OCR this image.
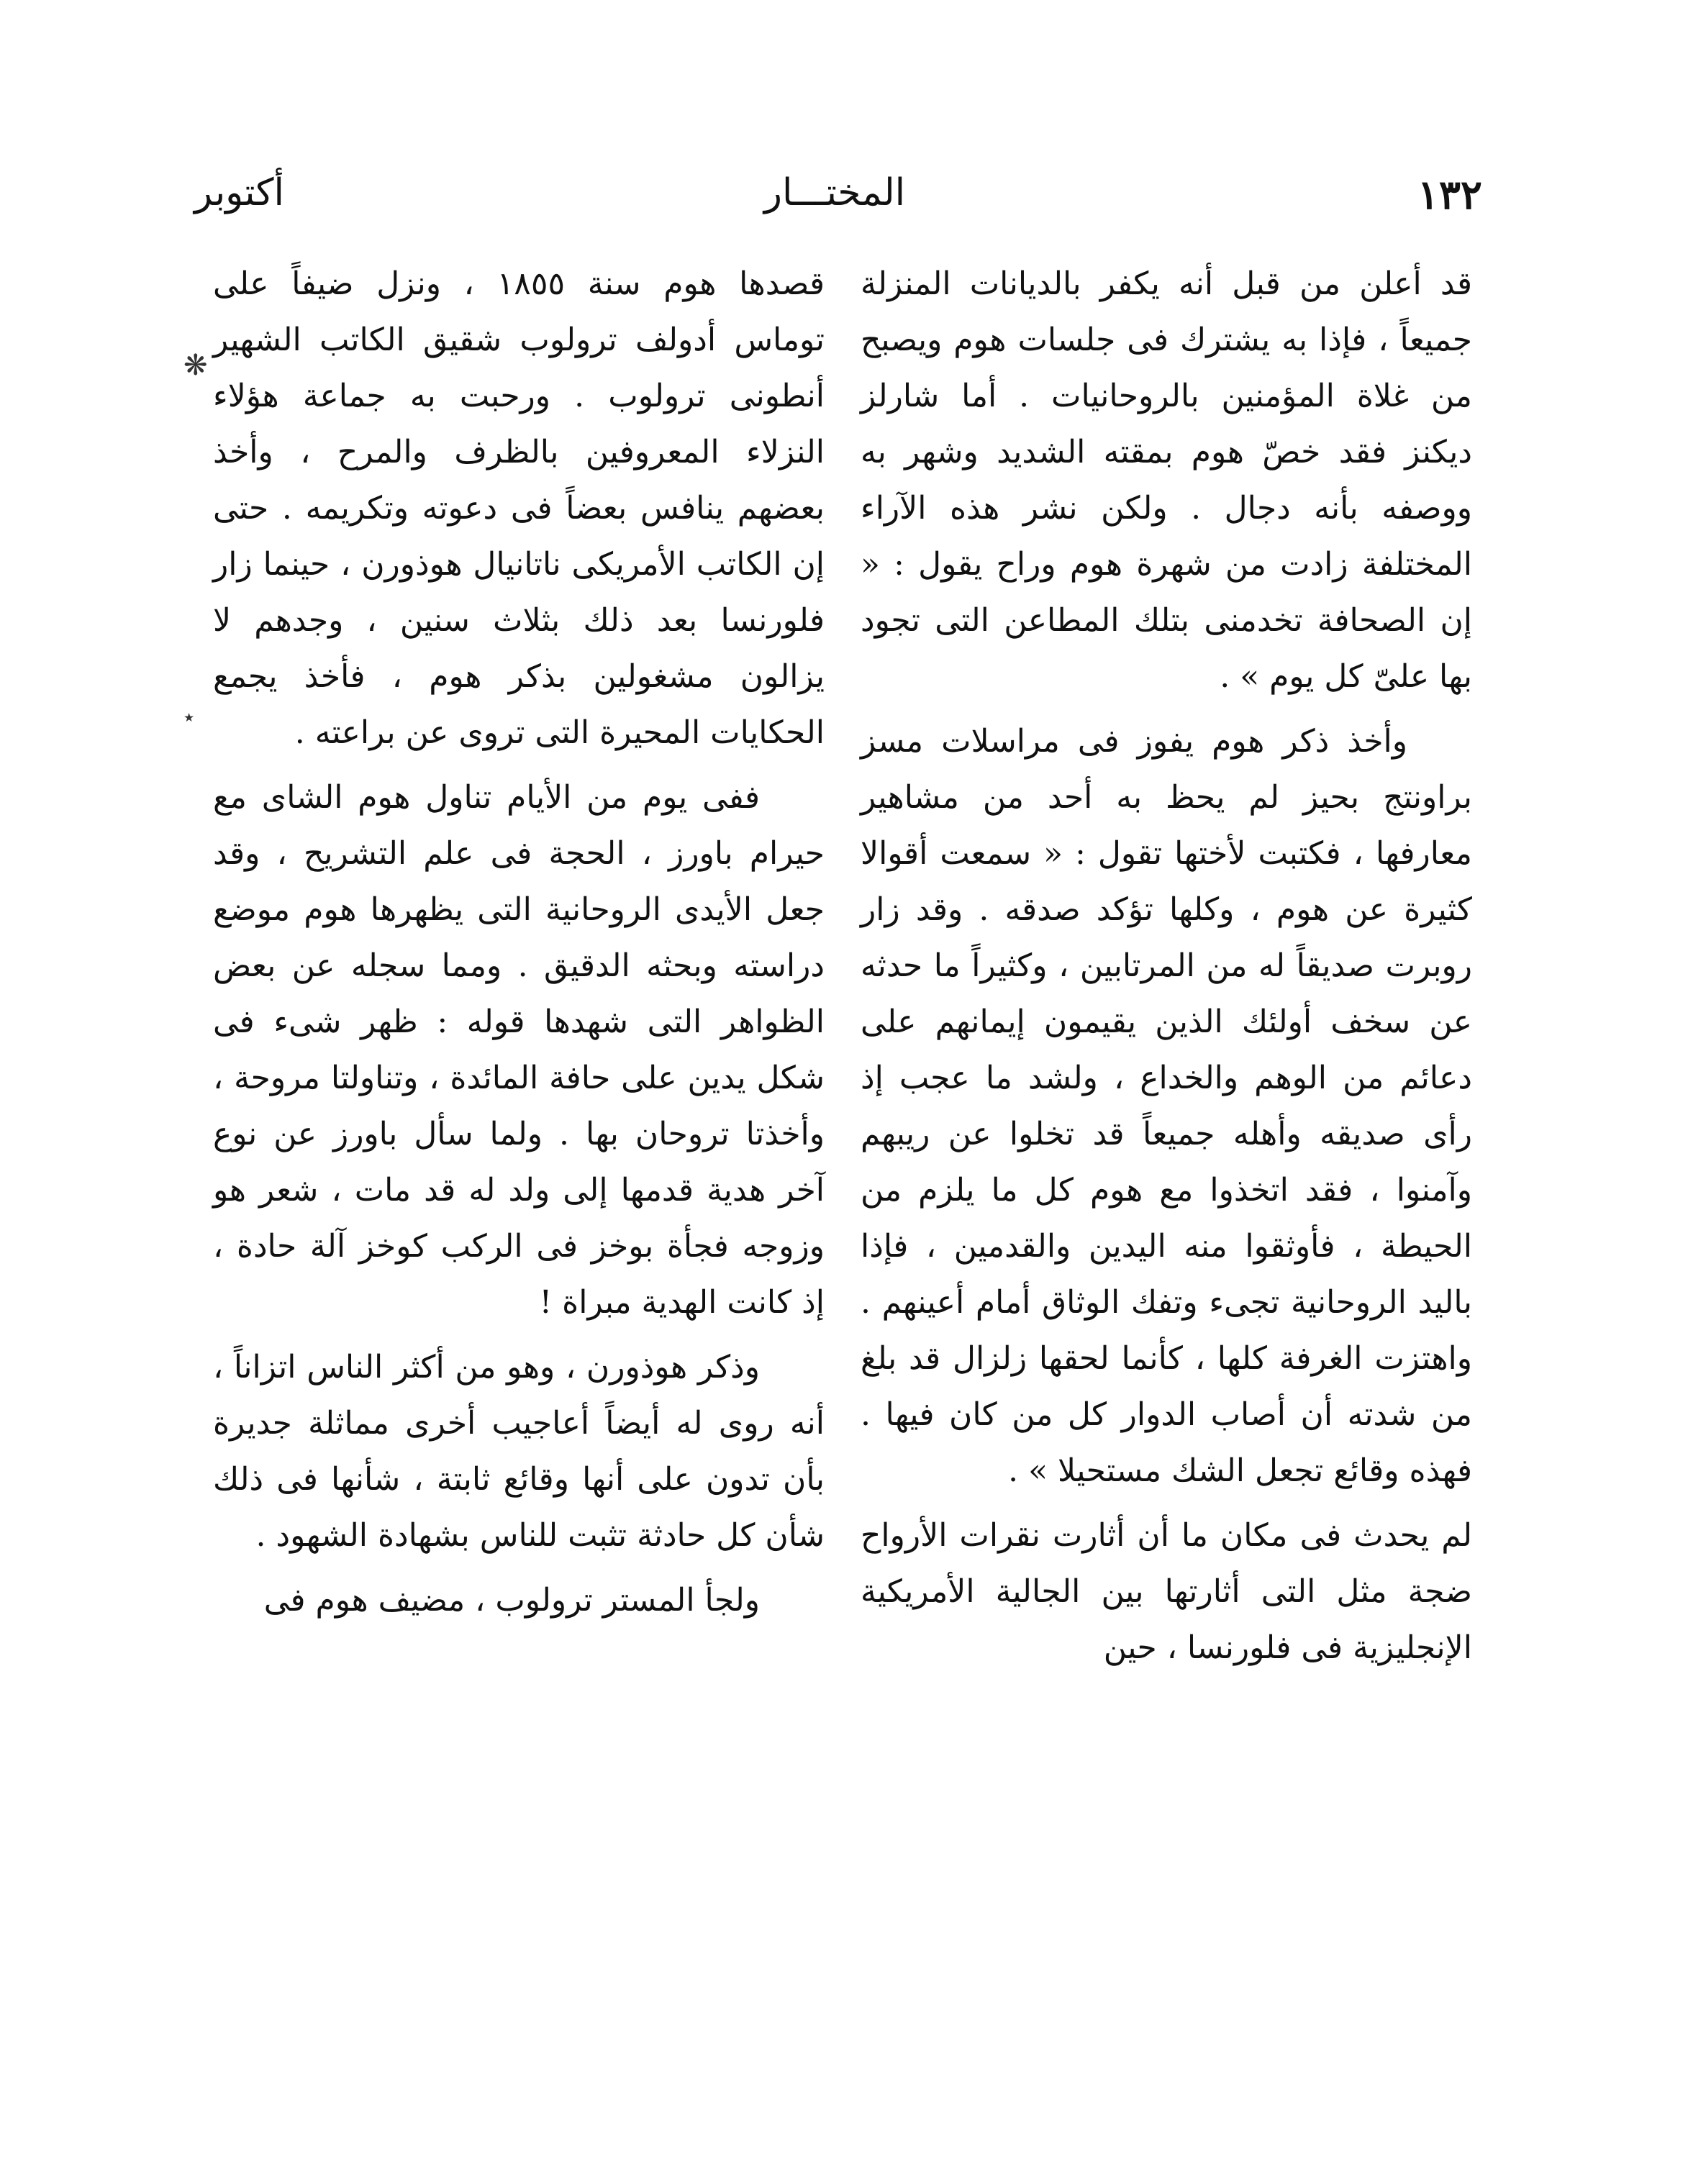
١٣٢
المختـــار
أكتوبر

قد أعلن من قبل أنه يكفر بالديانات المنزلة جميعاً ، فإذا به يشترك فى جلسات هوم ويصبح من غلاة المؤمنين بالروحانيات . أما شارلز ديكنز فقد خصّ هوم بمقته الشديد وشهر به ووصفه بأنه دجال . ولكن نشر هذه الآراء المختلفة زادت من شهرة هوم وراح يقول : « إن الصحافة تخدمنى بتلك المطاعن التى تجود بها علىّ كل يوم » .

وأخذ ذكر هوم يفوز فى مراسلات مسز براونتج بحيز لم يحظ به أحد من مشاهير معارفها ، فكتبت لأختها تقول : « سمعت أقوالا كثيرة عن هوم ، وكلها تؤكد صدقه . وقد زار روبرت صديقاً له من المرتابين ، وكثيراً ما حدثه عن سخف أولئك الذين يقيمون إيمانهم على دعائم من الوهم والخداع ، ولشد ما عجب إذ رأى صديقه وأهله جميعاً قد تخلوا عن ريبهم وآمنوا ، فقد اتخذوا مع هوم كل ما يلزم من الحيطة ، فأوثقوا منه اليدين والقدمين ، فإذا باليد الروحانية تجىء وتفك الوثاق أمام أعينهم . واهتزت الغرفة كلها ، كأنما لحقها زلزال قد بلغ من شدته أن أصاب الدوار كل من كان فيها . فهذه وقائع تجعل الشك مستحيلا » .

لم يحدث فى مكان ما أن أثارت نقرات الأرواح ضجة مثل التى أثارتها بين الجالية الأمريكية الإنجليزية فى فلورنسا ، حين

قصدها هوم سنة ١٨٥٥ ، ونزل ضيفاً على توماس أدولف ترولوب شقيق الكاتب الشهير أنطونى ترولوب . ورحبت به جماعة هؤلاء النزلاء المعروفين بالظرف والمرح ، وأخذ بعضهم ينافس بعضاً فى دعوته وتكريمه . حتى إن الكاتب الأمريكى ناتانيال هوذورن ، حينما زار فلورنسا بعد ذلك بثلاث سنين ، وجدهم لا يزالون مشغولين بذكر هوم ، فأخذ يجمع الحكايات المحيرة التى تروى عن براعته .

ففى يوم من الأيام تناول هوم الشاى مع حيرام باورز ، الحجة فى علم التشريح ، وقد جعل الأيدى الروحانية التى يظهرها هوم موضع دراسته وبحثه الدقيق . ومما سجله عن بعض الظواهر التى شهدها قوله : ظهر شىء فى شكل يدين على حافة المائدة ، وتناولتا مروحة ، وأخذتا تروحان بها . ولما سأل باورز عن نوع آخر هدية قدمها إلى ولد له قد مات ، شعر هو وزوجه فجأة بوخز فى الركب كوخز آلة حادة ، إذ كانت الهدية مبراة !

وذكر هوذورن ، وهو من أكثر الناس اتزاناً ، أنه روى له أيضاً أعاجيب أخرى مماثلة جديرة بأن تدون على أنها وقائع ثابتة ، شأنها فى ذلك شأن كل حادثة تثبت للناس بشهادة الشهود .

ولجأ المستر ترولوب ، مضيف هوم فى

❋
٭
